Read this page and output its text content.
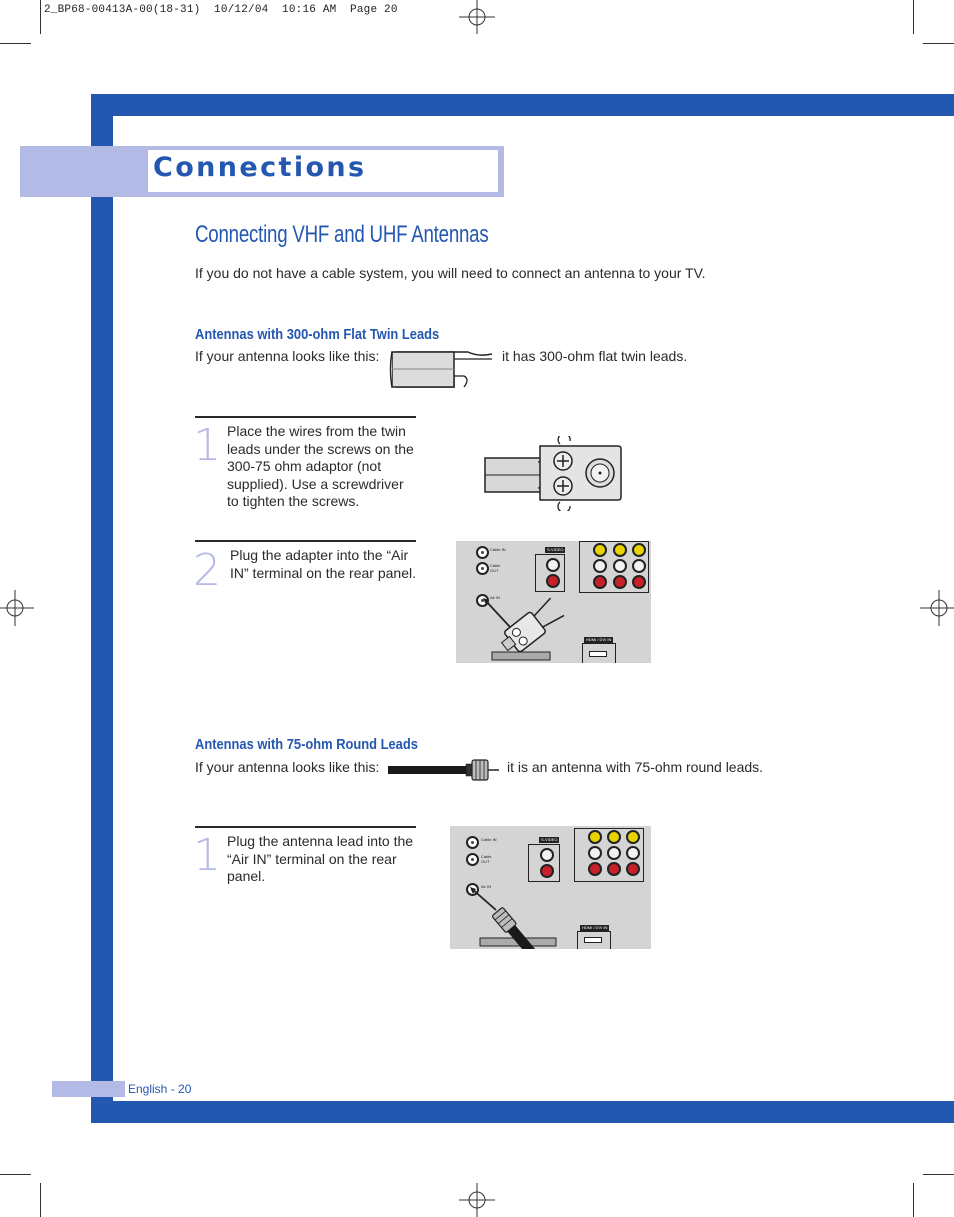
2_BP68-00413A-00(18-31)  10/12/04  10:16 AM  Page 20
Connections
Connecting VHF and UHF Antennas
If you do not have a cable system, you will need to connect an antenna to your TV.
Antennas with 300-ohm Flat Twin Leads
If your antenna looks like this:	it has 300-ohm flat twin leads.
1 Place the wires from the twin leads under the screws on the 300-75 ohm adaptor (not supplied). Use a screwdriver to tighten the screws.
2 Plug the adapter into the “Air IN” terminal on the rear panel.
Cable IN
Cable OUT
Air IN
S-VIDEO
HDMI / DVI IN
Antennas with 75-ohm Round Leads
If your antenna looks like this:	it is an antenna with 75-ohm round leads.
1 Plug the antenna lead into the “Air IN” terminal on the rear panel.
Cable IN
Cable OUT
Air IN
S-VIDEO
HDMI / DVI IN
English - 20
